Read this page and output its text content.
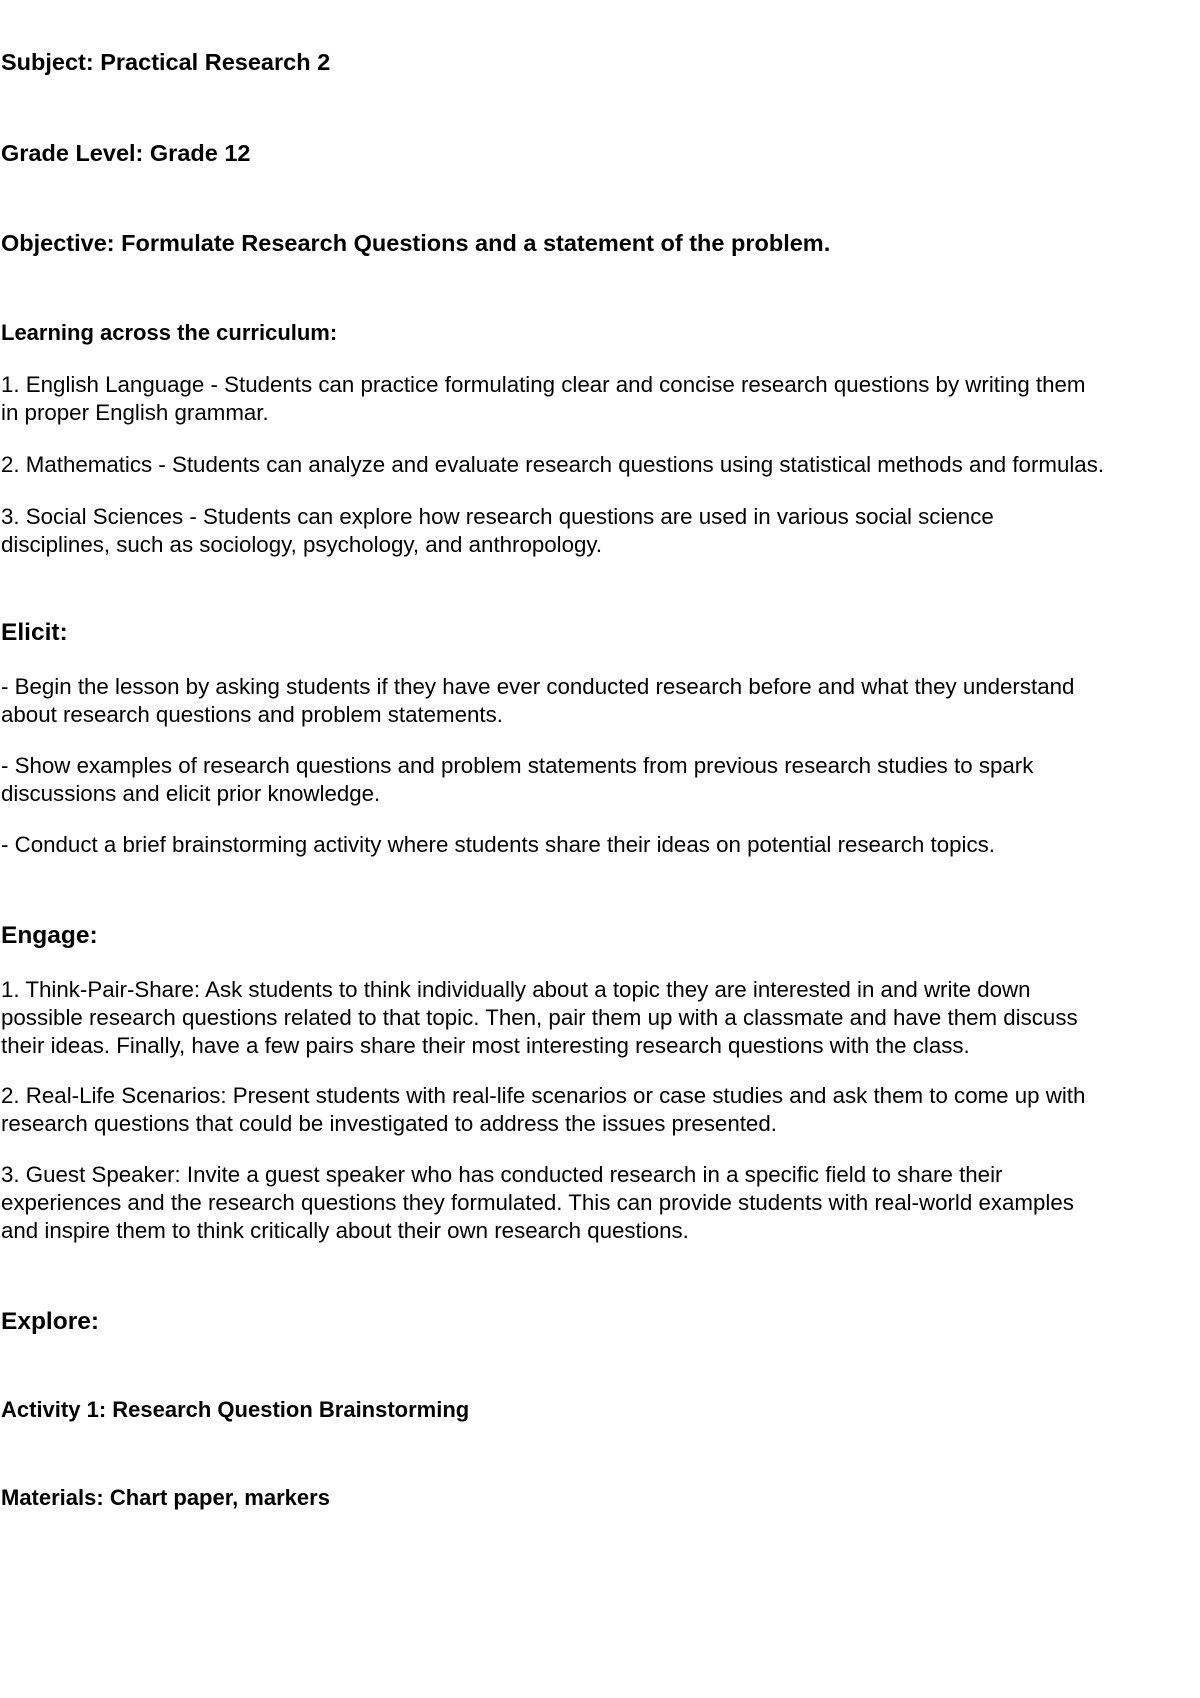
Subject: Practical Research 2
Grade Level: Grade 12
Objective: Formulate Research Questions and a statement of the problem.
Learning across the curriculum:
1. English Language - Students can practice formulating clear and concise research questions by writing them
in proper English grammar.
2. Mathematics - Students can analyze and evaluate research questions using statistical methods and formulas.
3. Social Sciences - Students can explore how research questions are used in various social science
disciplines, such as sociology, psychology, and anthropology.
Elicit:
- Begin the lesson by asking students if they have ever conducted research before and what they understand
about research questions and problem statements.
- Show examples of research questions and problem statements from previous research studies to spark
discussions and elicit prior knowledge.
- Conduct a brief brainstorming activity where students share their ideas on potential research topics.
Engage:
1. Think-Pair-Share: Ask students to think individually about a topic they are interested in and write down
possible research questions related to that topic. Then, pair them up with a classmate and have them discuss
their ideas. Finally, have a few pairs share their most interesting research questions with the class.
2. Real-Life Scenarios: Present students with real-life scenarios or case studies and ask them to come up with
research questions that could be investigated to address the issues presented.
3. Guest Speaker: Invite a guest speaker who has conducted research in a specific field to share their
experiences and the research questions they formulated. This can provide students with real-world examples
and inspire them to think critically about their own research questions.
Explore:
Activity 1: Research Question Brainstorming
Materials: Chart paper, markers
